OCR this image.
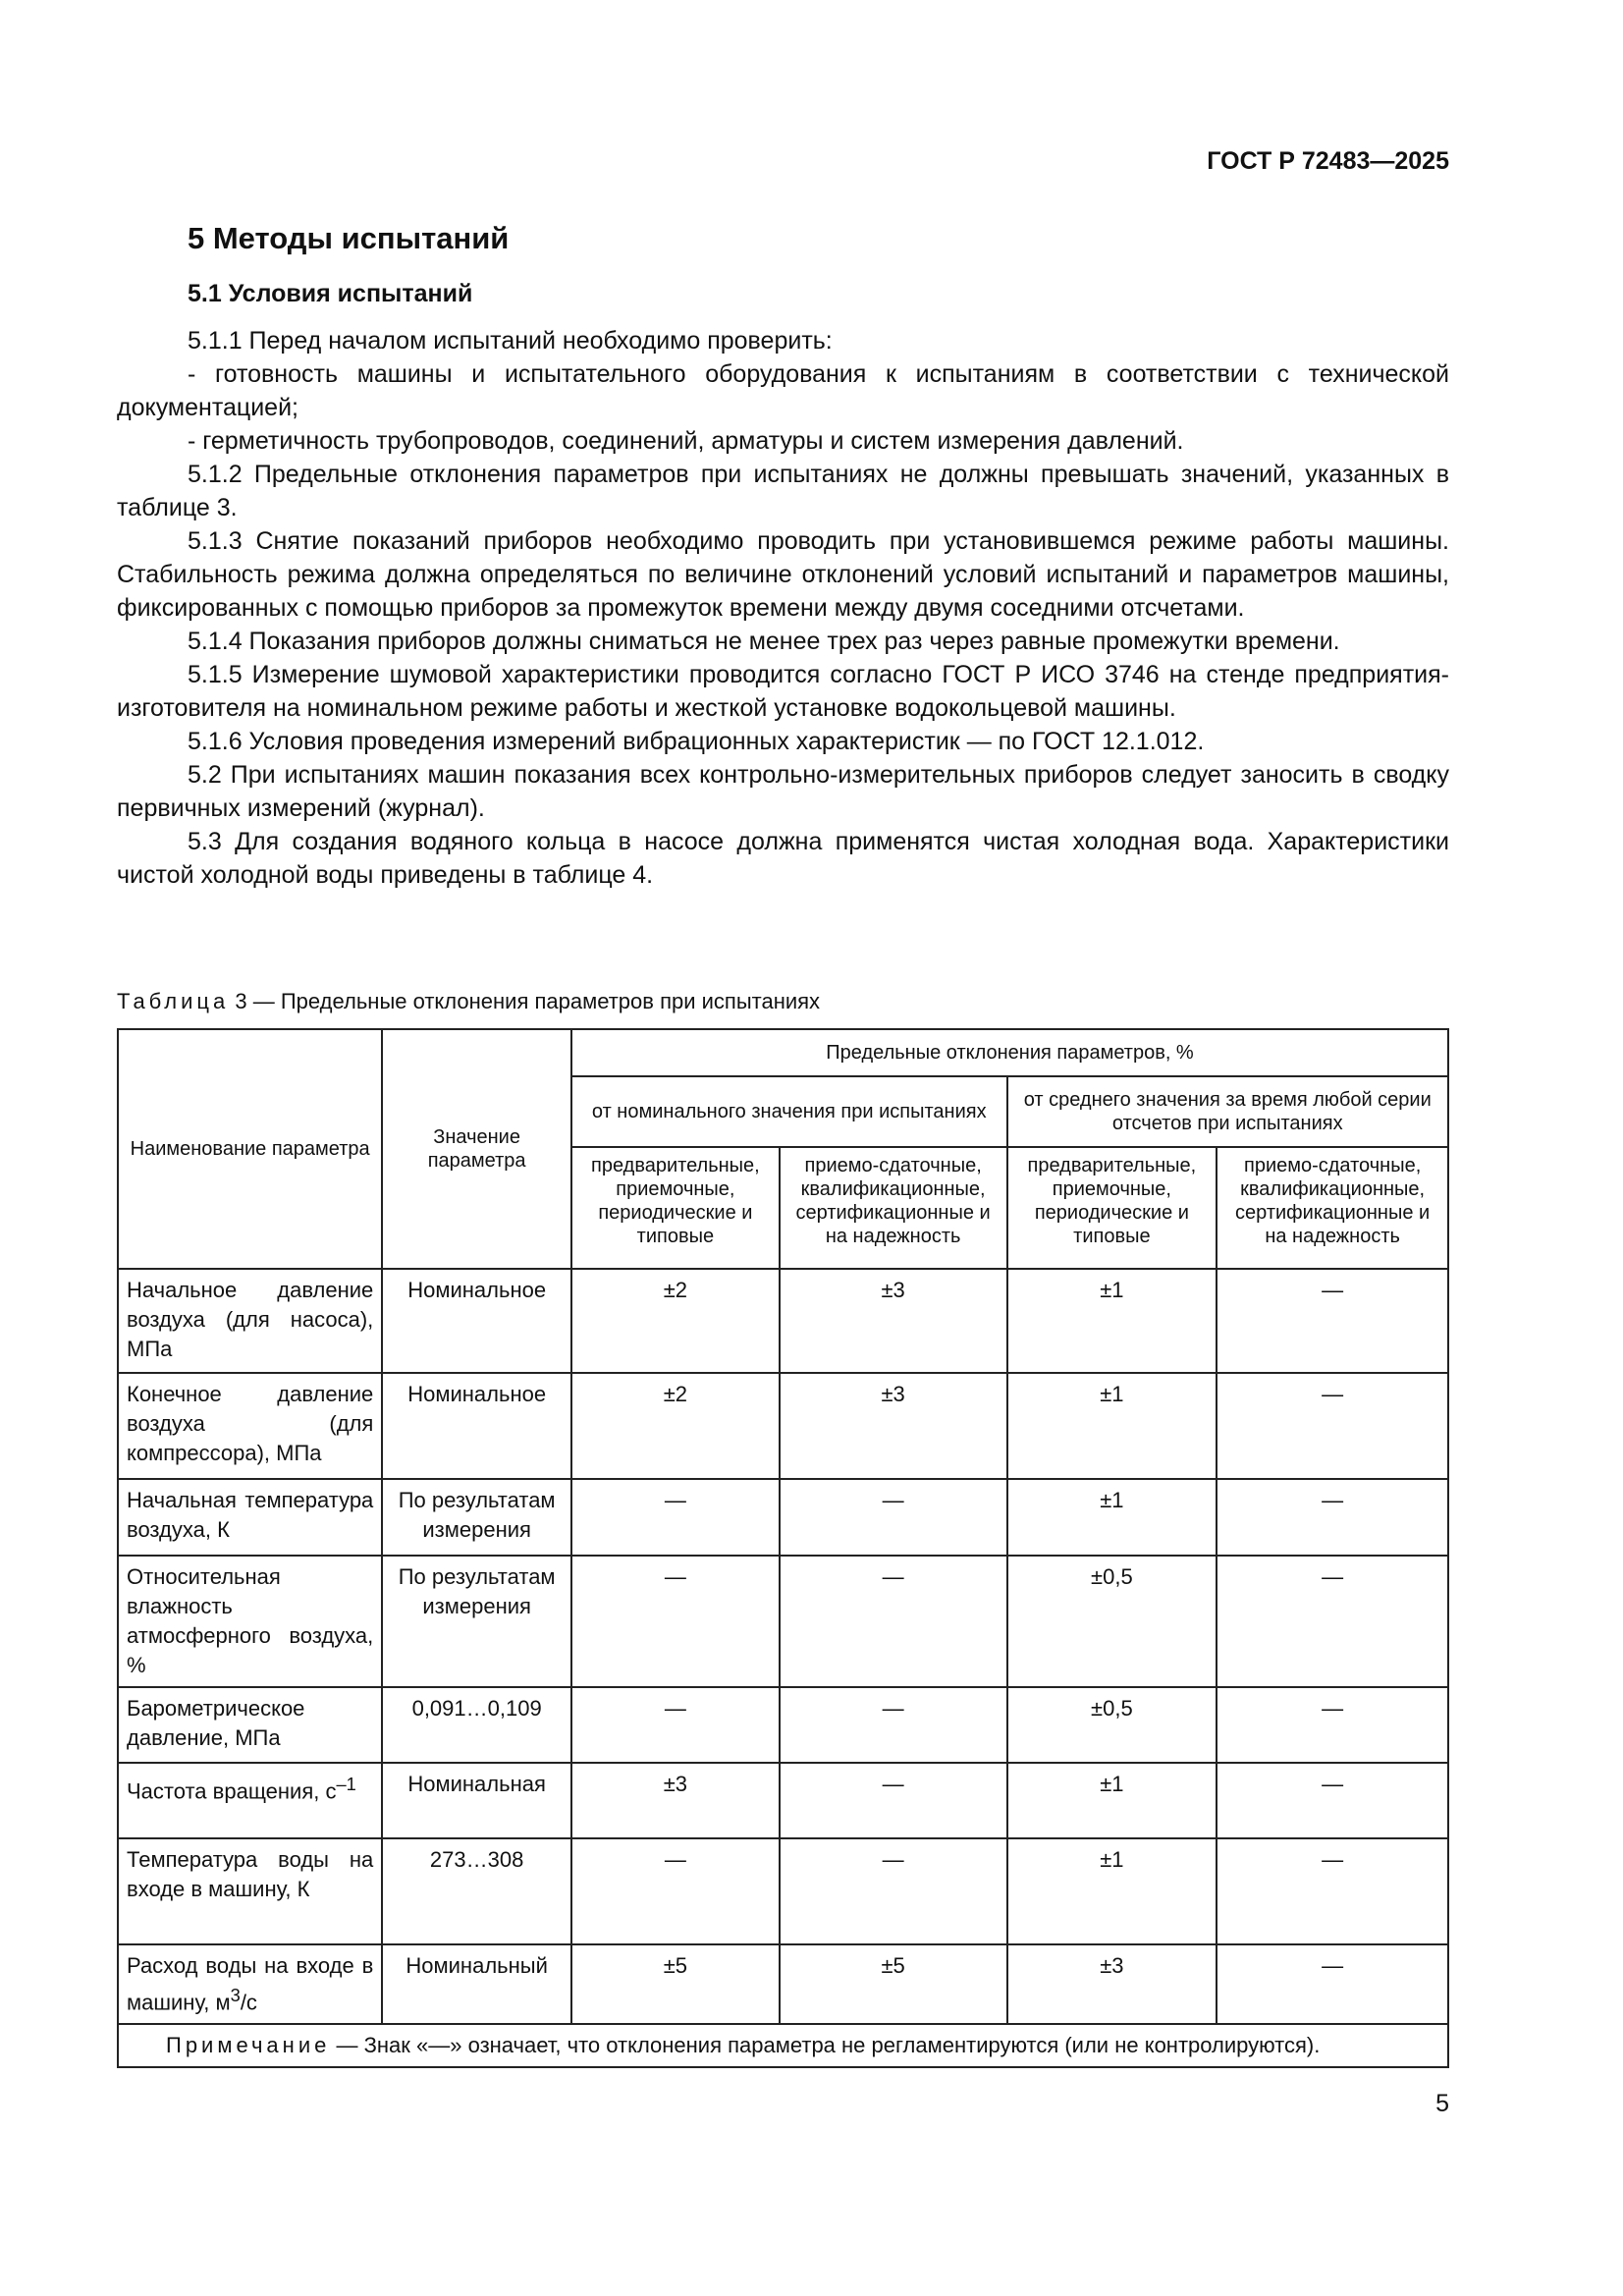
ГОСТ Р 72483—2025
5 Методы испытаний
5.1 Условия испытаний

5.1.1 Перед началом испытаний необходимо проверить:

- готовность машины и испытательного оборудования к испытаниям в соответствии с технической документацией;

- герметичность трубопроводов, соединений, арматуры и систем измерения давлений.

5.1.2 Предельные отклонения параметров при испытаниях не должны превышать значений, указанных в таблице 3.

5.1.3 Снятие показаний приборов необходимо проводить при установившемся режиме работы машины. Стабильность режима должна определяться по величине отклонений условий испытаний и параметров машины, фиксированных с помощью приборов за промежуток времени между двумя соседними отсчетами.

5.1.4 Показания приборов должны сниматься не менее трех раз через равные промежутки времени.

5.1.5 Измерение шумовой характеристики проводится согласно ГОСТ Р ИСО 3746 на стенде предприятия-изготовителя на номинальном режиме работы и жесткой установке водокольцевой машины.

5.1.6 Условия проведения измерений вибрационных характеристик — по ГОСТ 12.1.012.

5.2 При испытаниях машин показания всех контрольно-измерительных приборов следует заносить в сводку первичных измерений (журнал).

5.3 Для создания водяного кольца в насосе должна применятся чистая холодная вода. Характеристики чистой холодной воды приведены в таблице 4.

Таблица 3 — Предельные отклонения параметров при испытаниях
Наименование параметра	Значение параметра	Предельные отклонения параметров, %			
		от номинального значения при испытаниях		от среднего значения за время любой серии отсчетов при испытаниях	
		предварительные, приемочные, периодические и типовые	приемо-сдаточные, квалификационные, сертификационные и на надежность	предварительные, приемочные, периодические и типовые	приемо-сдаточные, квалификационные, сертификационные и на надежность
Начальное давление воздуха (для насоса), МПа	Номинальное	±2	±3	±1	—
Конечное давление воздуха (для компрессора), МПа	Номинальное	±2	±3	±1	—
Начальная температура воздуха, К	По результатам измерения	—	—	±1	—
Относительная влажность атмосферного воздуха, %	По результатам измерения	—	—	±0,5	—
Барометрическое давление, МПа	0,091…0,109	—	—	±0,5	—
Частота вращения, $с^{-1}$	Номинальная	±3	—	±1	—
Температура воды на входе в машину, К	273…308	—	—	±1	—
Расход воды на входе в машину, $м^3/с$	Номинальный	±5	±5	±3	—
Примечание — Знак «—» означает, что отклонения параметра не регламентируются (или не контролируются).					
5
